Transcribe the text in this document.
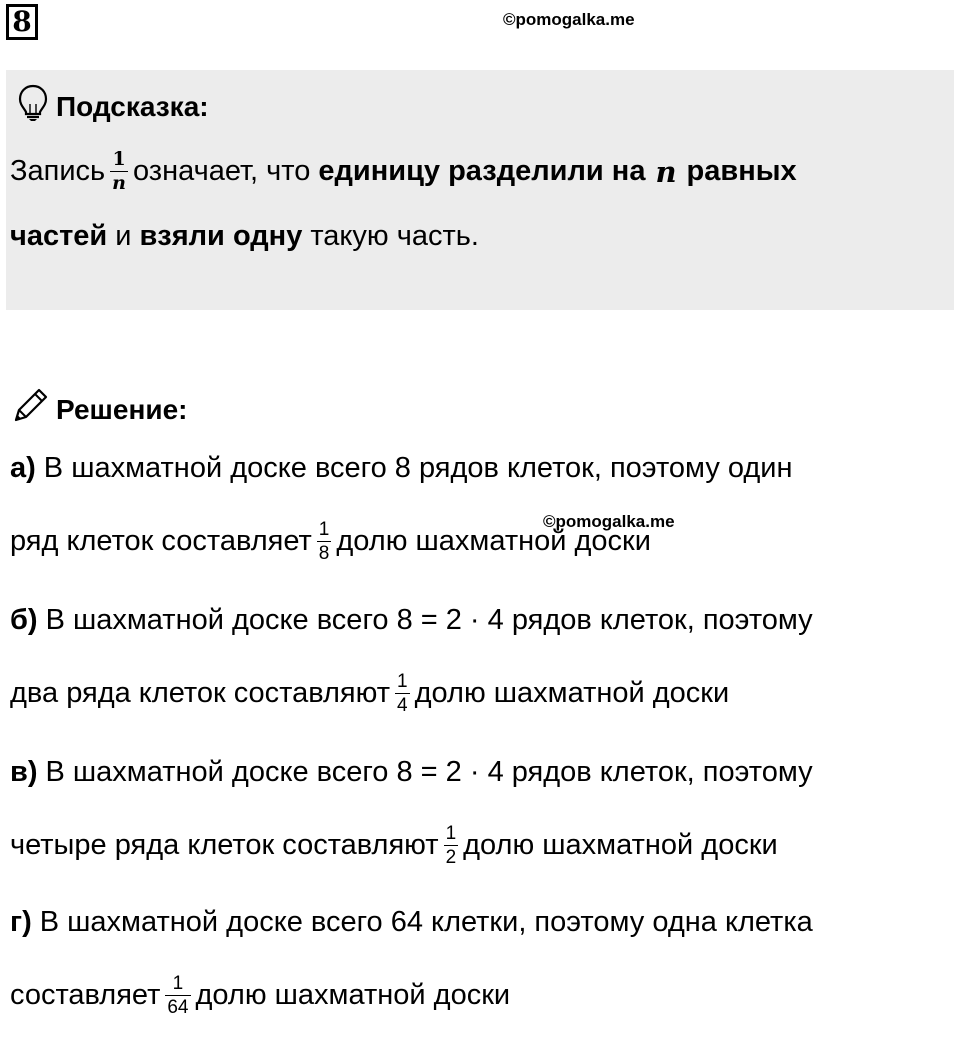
8	©pomogalka.me
Подсказка:
Запись $\frac{1}{n}$ означает, что единицу разделили на n равных
частей и взяли одну такую часть.
Решение:
а) В шахматной доске всего 8 рядов клеток, поэтому один
©pomogalka.me
ряд клеток составляет $\frac{1}{8}$ долю шахматной доски
б) В шахматной доске всего 8 = 2 · 4 рядов клеток, поэтому
два ряда клеток составляют $\frac{1}{4}$ долю шахматной доски
в) В шахматной доске всего 8 = 2 · 4 рядов клеток, поэтому
четыре ряда клеток составляют $\frac{1}{2}$ долю шахматной доски
г) В шахматной доске всего 64 клетки, поэтому одна клетка
составляет $\frac{1}{64}$ долю шахматной доски
